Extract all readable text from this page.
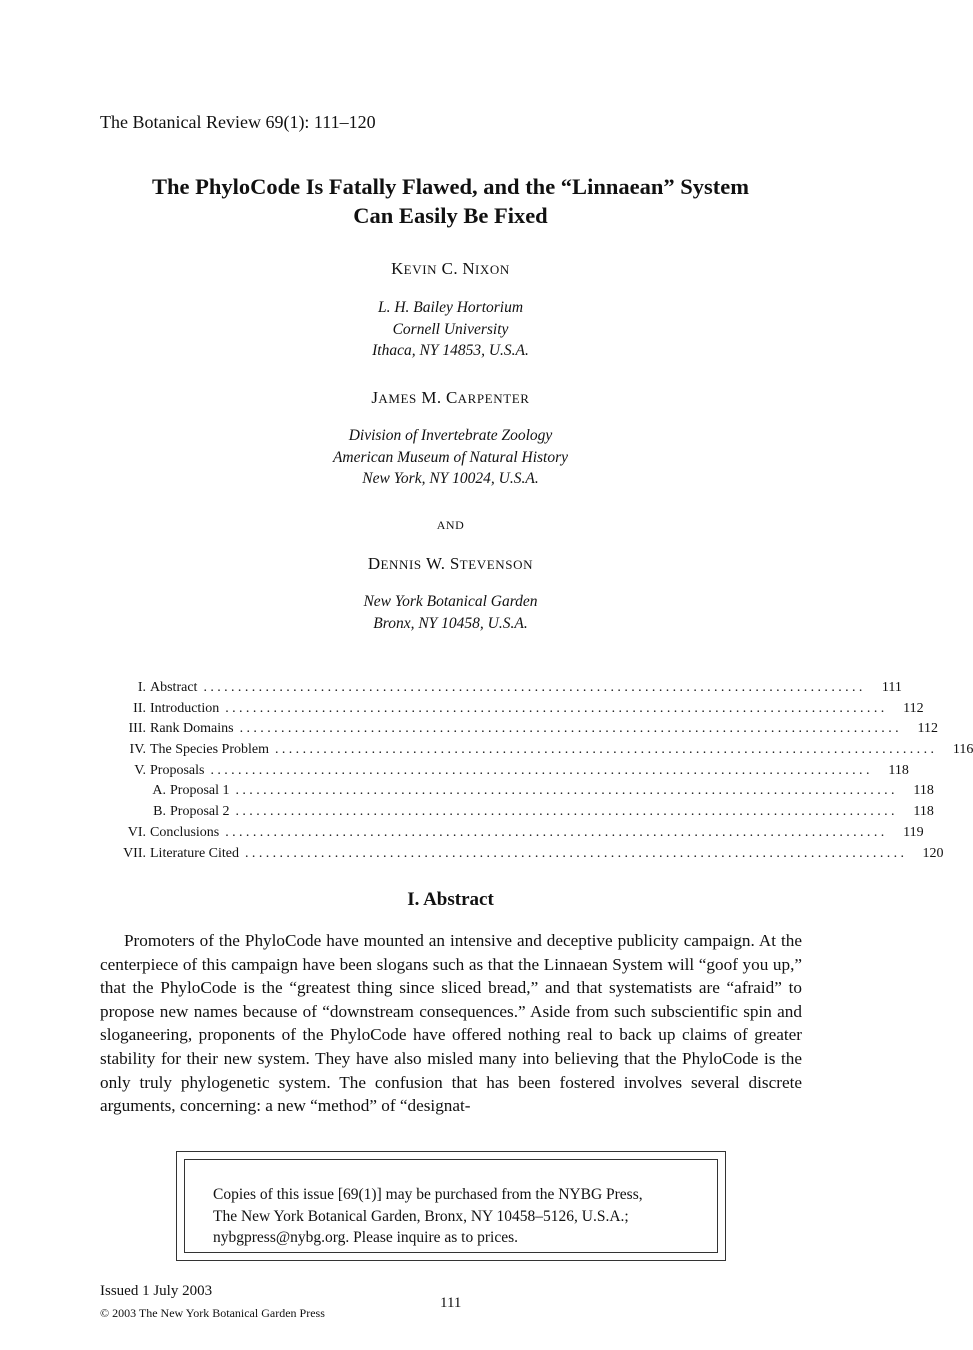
The Botanical Review 69(1): 111–120
The PhyloCode Is Fatally Flawed, and the “Linnaean” System
Can Easily Be Fixed
KEVIN C. NIXON
L. H. Bailey Hortorium
Cornell University
Ithaca, NY 14853, U.S.A.
JAMES M. CARPENTER
Division of Invertebrate Zoology
American Museum of Natural History
New York, NY 10024, U.S.A.
AND
DENNIS W. STEVENSON
New York Botanical Garden
Bronx, NY 10458, U.S.A.
I. Abstract ................................................................................................	111
II. Introduction ................................................................................................	112
III. Rank Domains ................................................................................................	112
IV. The Species Problem ................................................................................................	116
V. Proposals ................................................................................................	118
A. Proposal 1 ................................................................................................	118
B. Proposal 2 ................................................................................................	118
VI. Conclusions ................................................................................................	119
VII. Literature Cited ................................................................................................	120
I. Abstract
Promoters of the PhyloCode have mounted an intensive and deceptive publicity campaign. At the centerpiece of this campaign have been slogans such as that the Linnaean System will “goof you up,” that the PhyloCode is the “greatest thing since sliced bread,” and that systematists are “afraid” to propose new names because of “downstream consequences.” Aside from such subscientific spin and sloganeering, proponents of the PhyloCode have offered nothing real to back up claims of greater stability for their new system. They have also misled many into believing that the PhyloCode is the only truly phylogenetic system. The confusion that has been fostered involves several discrete arguments, concerning: a new “method” of “designat-
Copies of this issue [69(1)] may be purchased from the NYBG Press,
The New York Botanical Garden, Bronx, NY 10458–5126, U.S.A.;
nybgpress@nybg.org. Please inquire as to prices.
Issued 1 July 2003
© 2003 The New York Botanical Garden Press
111
